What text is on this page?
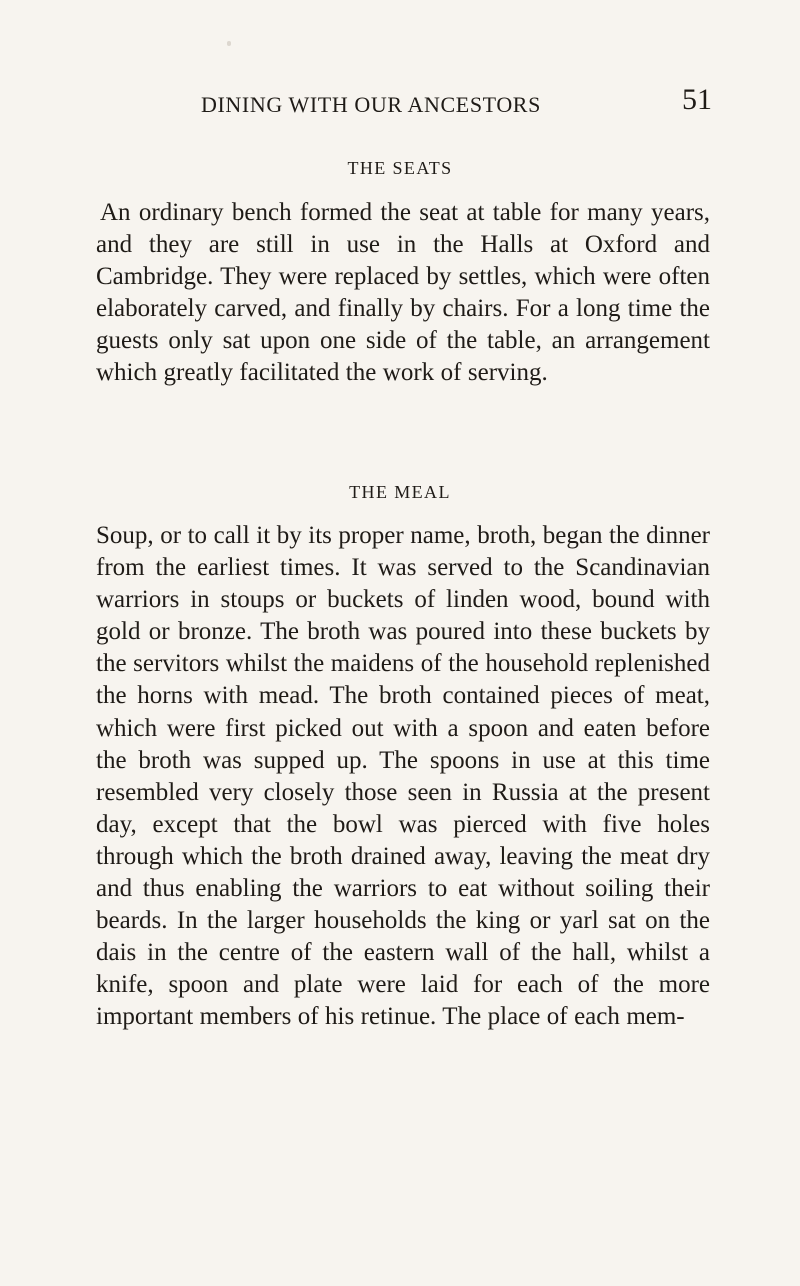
DINING WITH OUR ANCESTORS	51
THE SEATS
An ordinary bench formed the seat at table for many years, and they are still in use in the Halls at Oxford and Cambridge. They were replaced by settles, which were often elaborately carved, and finally by chairs. For a long time the guests only sat upon one side of the table, an arrangement which greatly facilitated the work of serving.
THE MEAL
Soup, or to call it by its proper name, broth, began the dinner from the earliest times. It was served to the Scandinavian warriors in stoups or buckets of linden wood, bound with gold or bronze. The broth was poured into these buckets by the servitors whilst the maidens of the household replenished the horns with mead. The broth contained pieces of meat, which were first picked out with a spoon and eaten before the broth was supped up. The spoons in use at this time resembled very closely those seen in Russia at the present day, except that the bowl was pierced with five holes through which the broth drained away, leaving the meat dry and thus enabling the warriors to eat without soiling their beards. In the larger households the king or yarl sat on the dais in the centre of the eastern wall of the hall, whilst a knife, spoon and plate were laid for each of the more important members of his retinue. The place of each mem-
